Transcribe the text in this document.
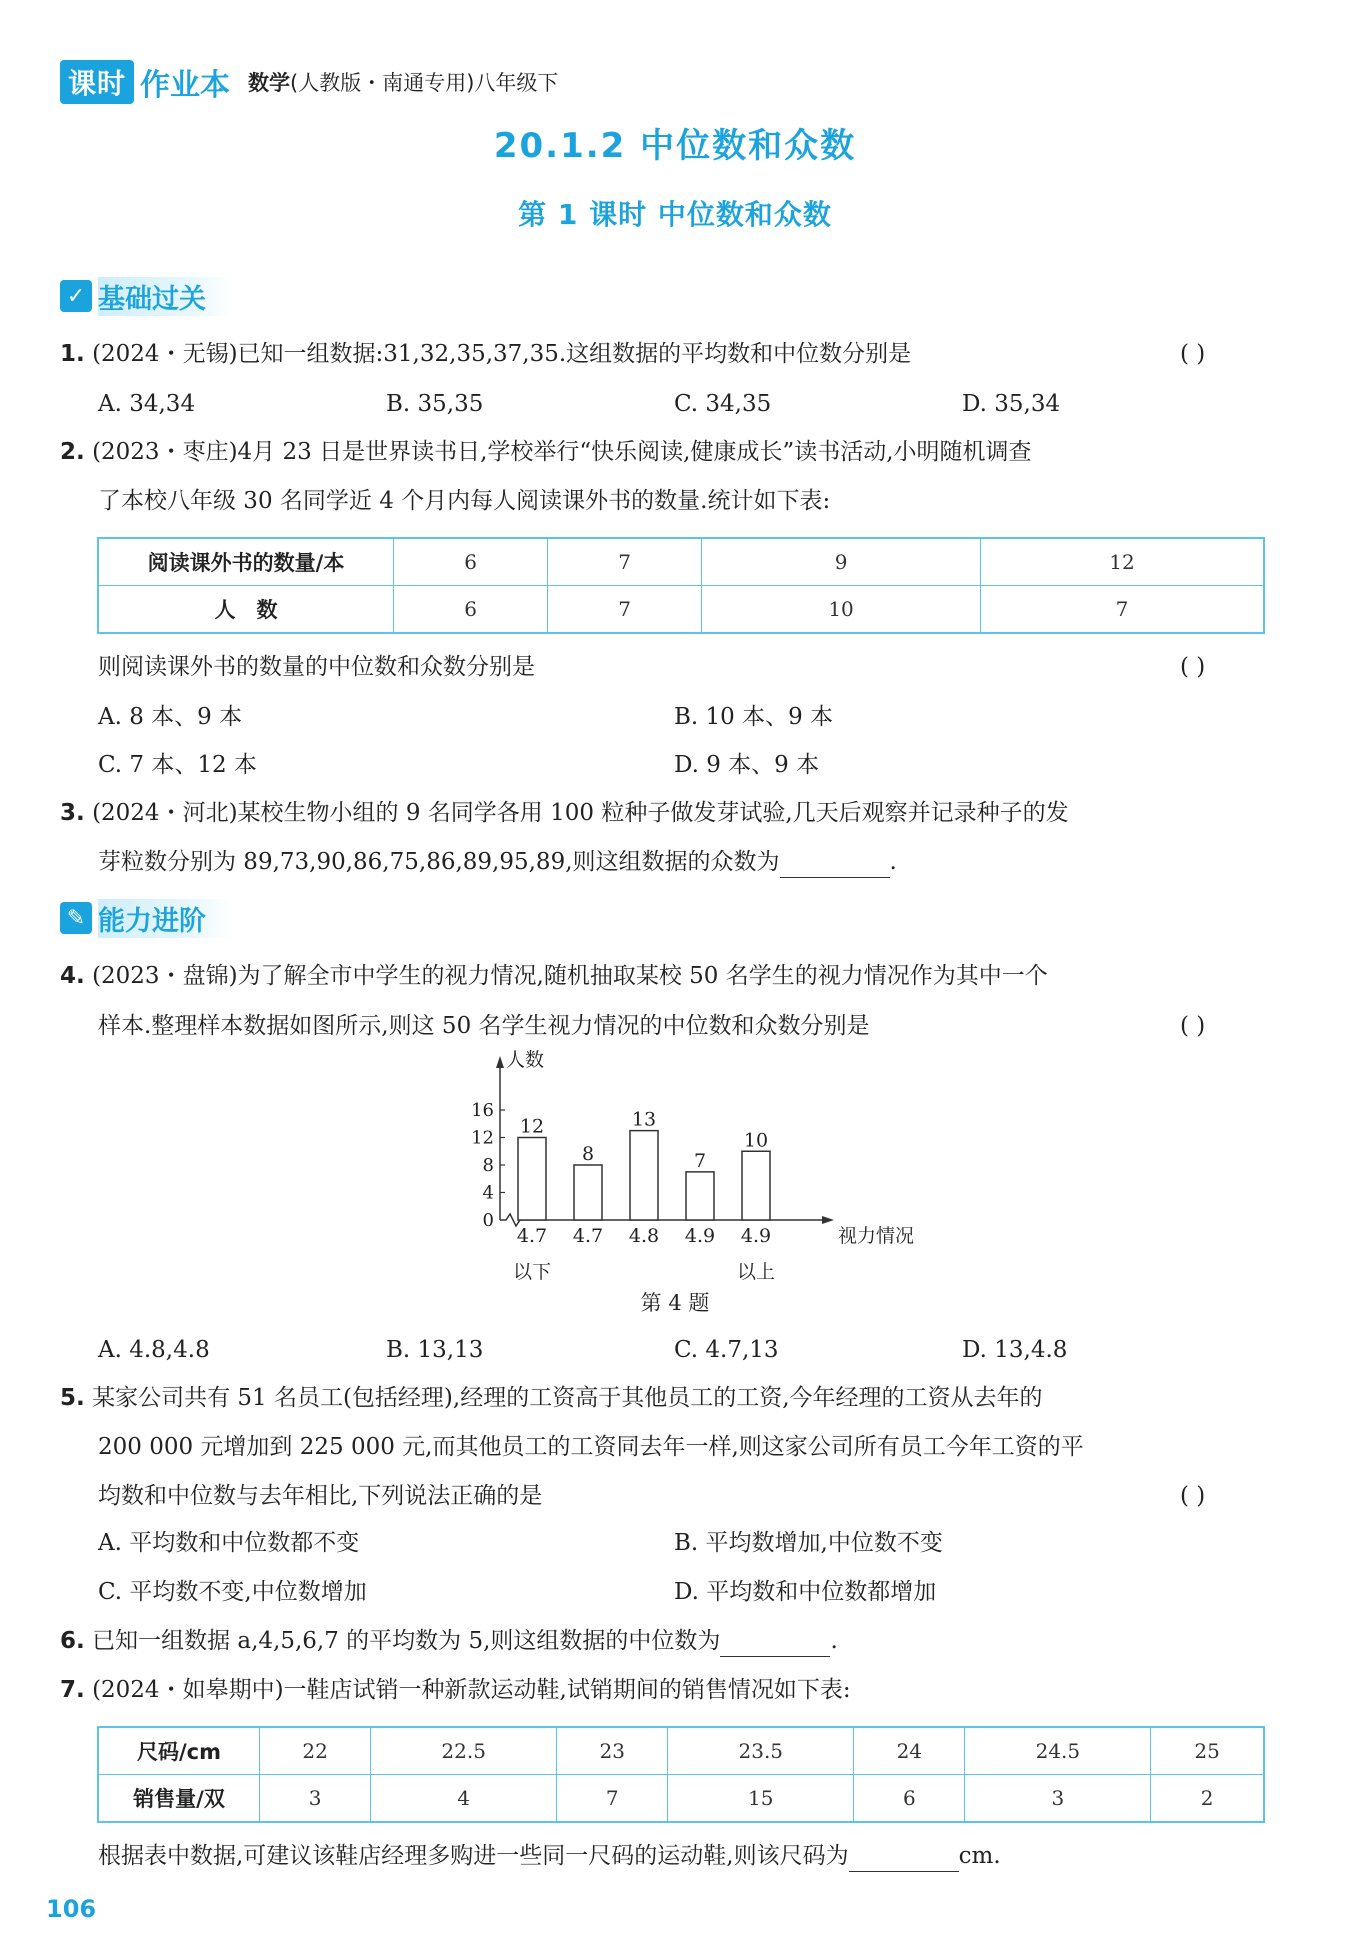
课时 作业本 数学(人教版・南通专用)八年级下
20.1.2 中位数和众数
第 1 课时 中位数和众数
✓ 基础过关
1. (2024・无锡)已知一组数据:31,32,35,37,35.这组数据的平均数和中位数分别是	( )
A. 34,34	B. 35,35	C. 34,35	D. 35,34
2. (2023・枣庄)4月 23 日是世界读书日,学校举行“快乐阅读,健康成长”读书活动,小明随机调查
了本校八年级 30 名同学近 4 个月内每人阅读课外书的数量.统计如下表:
阅读课外书的数量/本	6	7	9	12
人　数	6	7	10	7
则阅读课外书的数量的中位数和众数分别是	( )
A. 8 本、9 本	B. 10 本、9 本
C. 7 本、12 本	D. 9 本、9 本
3. (2024・河北)某校生物小组的 9 名同学各用 100 粒种子做发芽试验,几天后观察并记录种子的发
芽粒数分别为 89,73,90,86,75,86,89,95,89,则这组数据的众数为	.
✎ 能力进阶
4. (2023・盘锦)为了解全市中学生的视力情况,随机抽取某校 50 名学生的视力情况作为其中一个
样本.整理样本数据如图所示,则这 50 名学生视力情况的中位数和众数分别是	( )
人数
视力情况
0
4
8
12
16
12
4.7
以下
8
4.7
13
4.8
7
4.9
10
4.9
以上
第 4 题
A. 4.8,4.8	B. 13,13	C. 4.7,13	D. 13,4.8
5. 某家公司共有 51 名员工(包括经理),经理的工资高于其他员工的工资,今年经理的工资从去年的
200 000 元增加到 225 000 元,而其他员工的工资同去年一样,则这家公司所有员工今年工资的平
均数和中位数与去年相比,下列说法正确的是	( )
A. 平均数和中位数都不变	B. 平均数增加,中位数不变
C. 平均数不变,中位数增加	D. 平均数和中位数都增加
6. 已知一组数据 a,4,5,6,7 的平均数为 5,则这组数据的中位数为	.
7. (2024・如皋期中)一鞋店试销一种新款运动鞋,试销期间的销售情况如下表:
尺码/cm	22	22.5	23	23.5	24	24.5	25
销售量/双	3	4	7	15	6	3	2
根据表中数据,可建议该鞋店经理多购进一些同一尺码的运动鞋,则该尺码为	cm.
106
